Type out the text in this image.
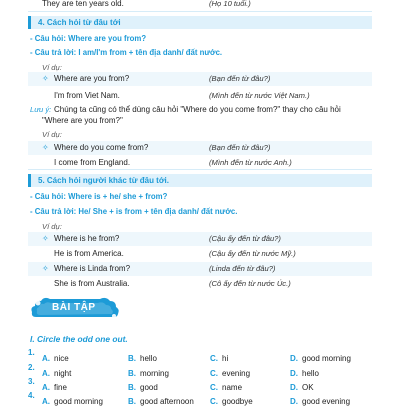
They are ten years old.	(Họ 10 tuổi.)
4. Cách hỏi từ đâu tới
- Câu hỏi: Where are you from?
- Câu trả lời: I am/I'm from + tên địa danh/ đất nước.
Ví dụ:
✧ Where are you from?	(Bạn đến từ đâu?)
I'm from Viet Nam.	(Mình đến từ nước Việt Nam.)
Lưu ý: Chúng ta cũng có thể dùng câu hỏi "Where do you come from?" thay cho câu hỏi
"Where are you from?"
Ví dụ:
✧ Where do you come from?	(Bạn đến từ đâu?)
I come from England.	(Mình đến từ nước Anh.)
5. Cách hỏi người khác từ đâu tới.
- Câu hỏi: Where is + he/ she + from?
- Câu trả lời: He/ She + is from + tên địa danh/ đất nước.
Ví dụ:
✧ Where is he from?	(Cậu ấy đến từ đâu?)
He is from America.	(Cậu ấy đến từ nước Mỹ.)
✧ Where is Linda from?	(Linda đến từ đâu?)
She is from Australia.	(Cô ấy đến từ nước Úc.)
BÀI TẬP
I. Circle the odd one out.
1.
A. nice	B. hello	C. hi	D. good morning
2.
A. night	B. morning	C. evening	D. hello
3.
A. fine	B. good	C. name	D. OK
4.
A. good morning	B. good afternoon C. goodbye	D. good evening
